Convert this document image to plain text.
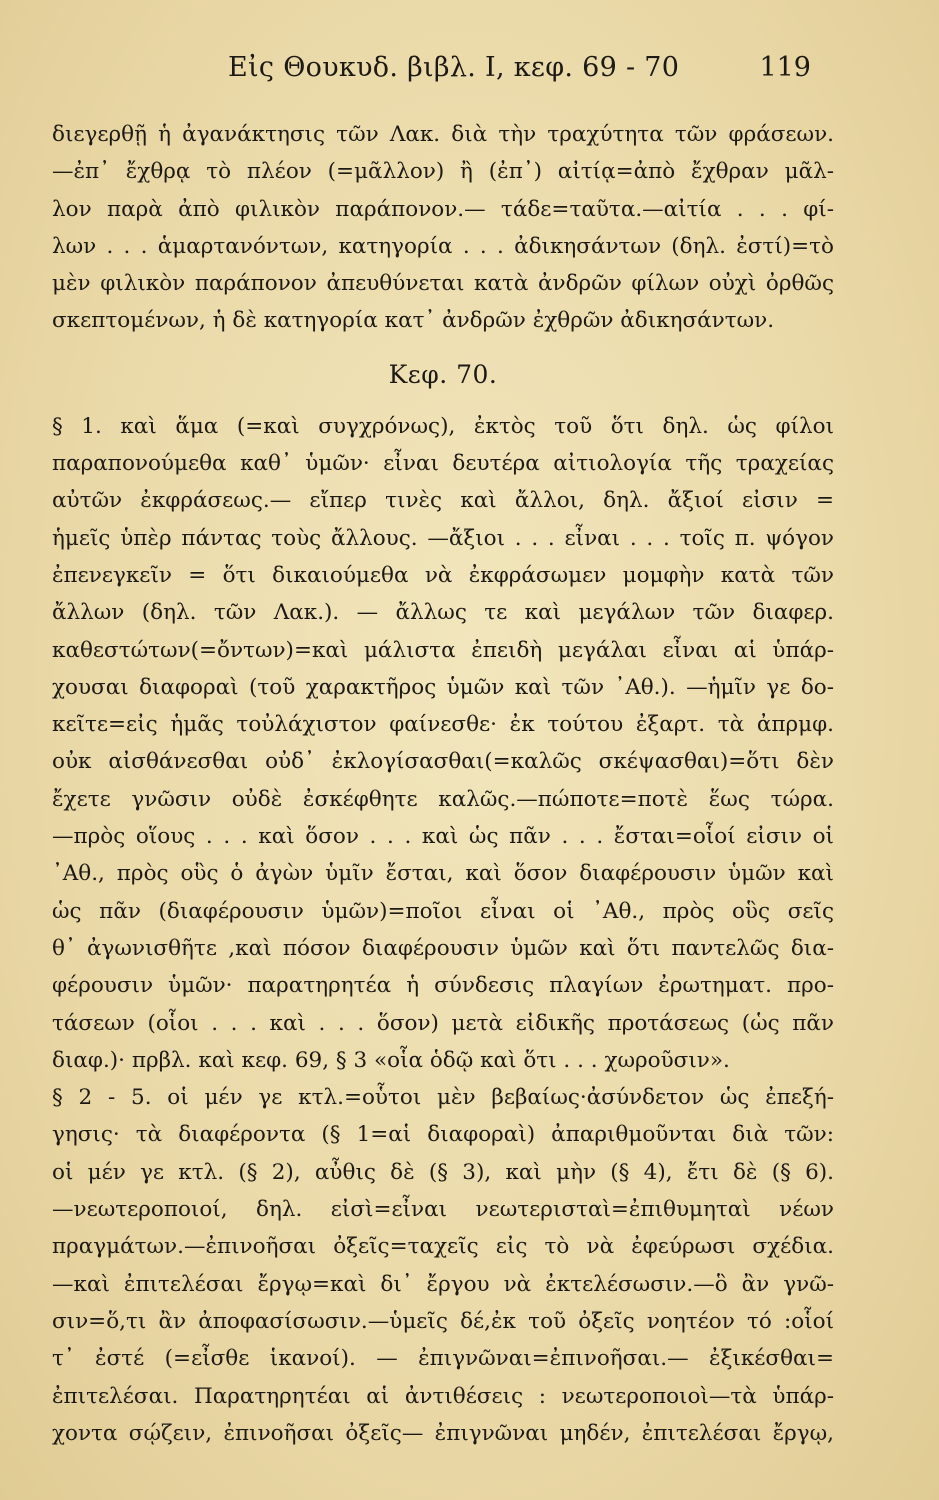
Εἰς Θουκυδ. βιβλ. I, κεφ. 69 - 70	119
διεγερθῇ ἡ ἀγανάκτησις τῶν Λακ. διὰ τὴν τραχύτητα τῶν φράσεων.
—ἐπ᾽ ἔχθρᾳ τὸ πλέον (=μᾶλλον) ἢ (ἐπ᾽) αἰτίᾳ=ἀπὸ ἔχθραν μᾶλ-
λον παρὰ ἀπὸ φιλικὸν παράπονον.— τάδε=ταῦτα.—αἰτία . . . φί-
λων . . . ἁμαρτανόντων, κατηγορία . . . ἀδικησάντων (δηλ. ἐστί)=τὸ
μὲν φιλικὸν παράπονον ἀπευθύνεται κατὰ ἀνδρῶν φίλων οὐχὶ ὀρθῶς
σκεπτομένων, ἡ δὲ κατηγορία κατ᾽ ἀνδρῶν ἐχθρῶν ἀδικησάντων.
Κεφ. 70.
§ 1. καὶ ἅμα (=καὶ συγχρόνως), ἐκτὸς τοῦ ὅτι δηλ. ὡς φίλοι
παραπονούμεθα καθ᾽ ὑμῶν· εἶναι δευτέρα αἰτιολογία τῆς τραχείας
αὐτῶν ἐκφράσεως.— εἴπερ τινὲς καὶ ἄλλοι, δηλ. ἄξιοί εἰσιν =
ἡμεῖς ὑπὲρ πάντας τοὺς ἄλλους. —ἄξιοι . . . εἶναι . . . τοῖς π. ψόγον
ἐπενεγκεῖν = ὅτι δικαιούμεθα νὰ ἐκφράσωμεν μομφὴν κατὰ τῶν
ἄλλων (δηλ. τῶν Λακ.). — ἄλλως τε καὶ μεγάλων τῶν διαφερ.
καθεστώτων(=ὄντων)=καὶ μάλιστα ἐπειδὴ μεγάλαι εἶναι αἱ ὑπάρ-
χουσαι διαφοραὶ (τοῦ χαρακτῆρος ὑμῶν καὶ τῶν ᾿Αθ.). —ἡμῖν γε δο-
κεῖτε=εἰς ἡμᾶς τοὐλάχιστον φαίνεσθε· ἐκ τούτου ἐξαρτ. τὰ ἀπρμφ.
οὐκ αἰσθάνεσθαι οὐδ᾽ ἐκλογίσασθαι(=καλῶς σκέψασθαι)=ὅτι δὲν
ἔχετε γνῶσιν οὐδὲ ἐσκέφθητε καλῶς.—πώποτε=ποτὲ ἕως τώρα.
—πρὸς οἵους . . . καὶ ὅσον . . . καὶ ὡς πᾶν . . . ἔσται=οἷοί εἰσιν οἱ
᾿Αθ., πρὸς οὓς ὁ ἀγὼν ὑμῖν ἔσται, καὶ ὅσον διαφέρουσιν ὑμῶν καὶ
ὡς πᾶν (διαφέρουσιν ὑμῶν)=ποῖοι εἶναι οἱ ᾿Αθ., πρὸς οὓς σεῖς
θ᾽ ἀγωνισθῆτε ,καὶ πόσον διαφέρουσιν ὑμῶν καὶ ὅτι παντελῶς δια-
φέρουσιν ὑμῶν· παρατηρητέα ἡ σύνδεσις πλαγίων ἐρωτηματ. προ-
τάσεων (οἷοι . . . καὶ . . . ὅσον) μετὰ εἰδικῆς προτάσεως (ὡς πᾶν
διαφ.)· πρβλ. καὶ κεφ. 69, § 3 «οἷα ὁδῷ καὶ ὅτι . . . χωροῦσιν».
§ 2 - 5. οἱ μέν γε κτλ.=οὗτοι μὲν βεβαίως·ἀσύνδετον ὡς ἐπεξή-
γησις· τὰ διαφέροντα (§ 1=αἱ διαφοραὶ) ἀπαριθμοῦνται διὰ τῶν:
οἱ μέν γε κτλ. (§ 2), αὖθις δὲ (§ 3), καὶ μὴν (§ 4), ἔτι δὲ (§ 6).
—νεωτεροποιοί, δηλ. εἰσὶ=εἶναι νεωτερισταὶ=ἐπιθυμηταὶ νέων
πραγμάτων.—ἐπινοῆσαι ὀξεῖς=ταχεῖς εἰς τὸ νὰ ἐφεύρωσι σχέδια.
—καὶ ἐπιτελέσαι ἔργῳ=καὶ δι᾽ ἔργου νὰ ἐκτελέσωσιν.—ὃ ἂν γνῶ-
σιν=ὅ,τι ἂν ἀποφασίσωσιν.—ὑμεῖς δέ,ἐκ τοῦ ὀξεῖς νοητέον τό :οἷοί
τ᾽ ἐστέ (=εἶσθε ἱκανοί). — ἐπιγνῶναι=ἐπινοῆσαι.— ἐξικέσθαι=
ἐπιτελέσαι. Παρατηρητέαι αἱ ἀντιθέσεις : νεωτεροποιοὶ—τὰ ὑπάρ-
χοντα σῴζειν, ἐπινοῆσαι ὀξεῖς— ἐπιγνῶναι μηδέν, ἐπιτελέσαι ἔργῳ,
